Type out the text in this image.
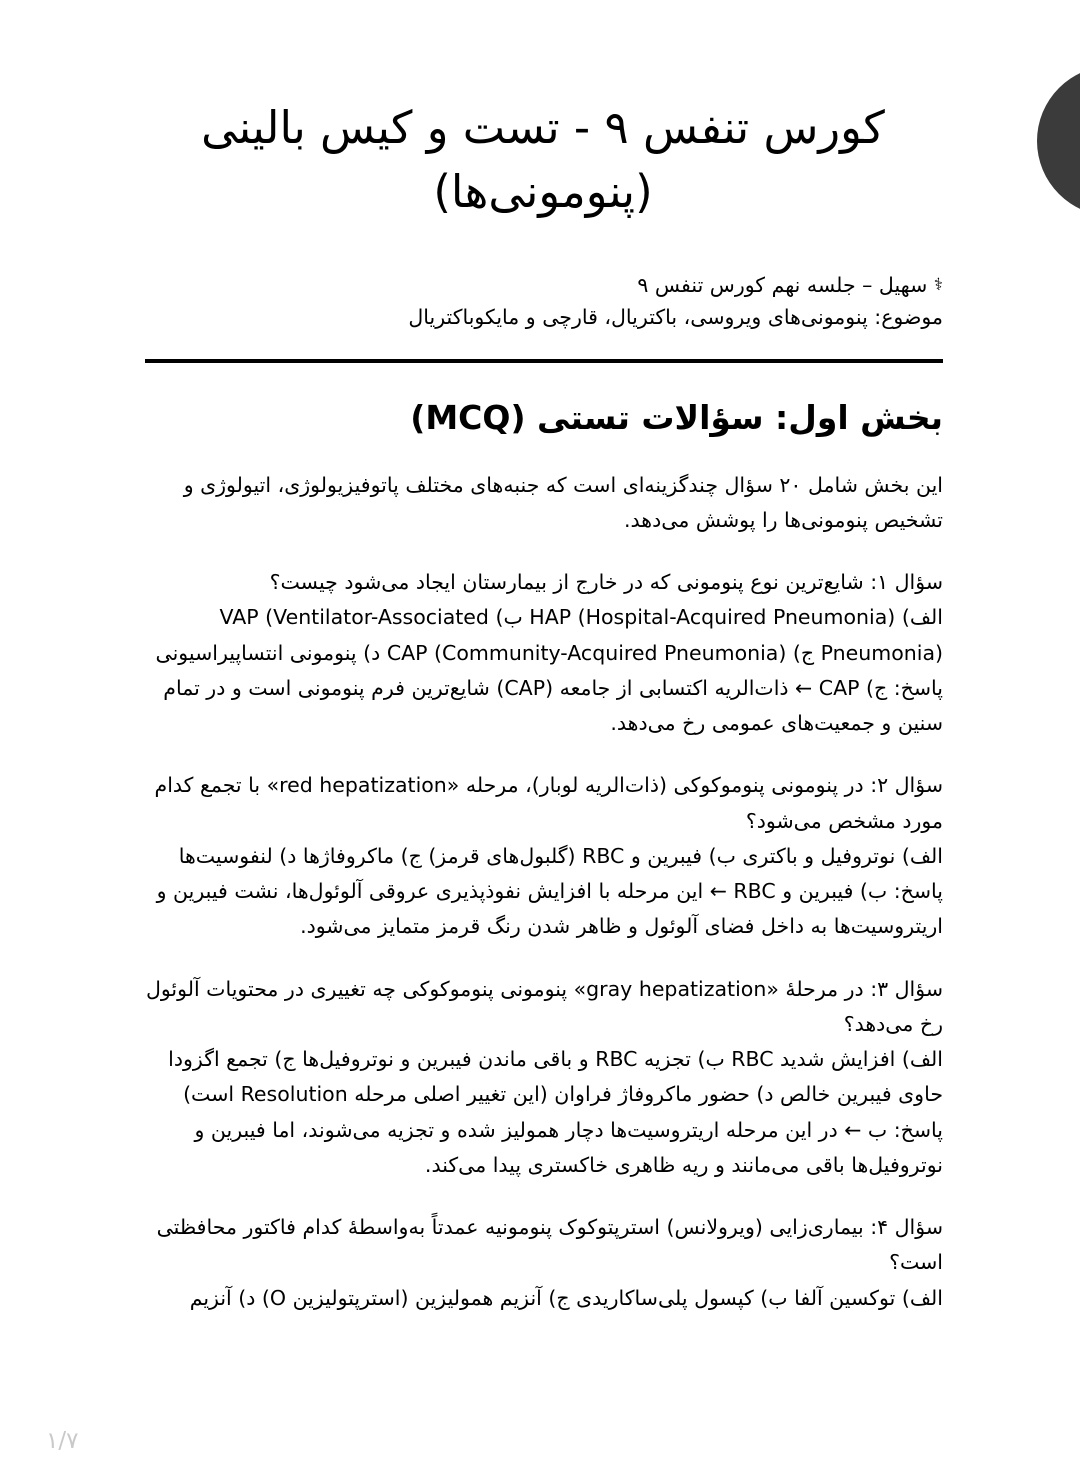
کورس تنفس ۹ - تست و کیس بالینی (پنومونی‌ها)
⚕ سهیل – جلسه نهم کورس تنفس ۹
موضوع: پنومونی‌های ویروسی، باکتریال، قارچی و مایکوباکتریال
بخش اول: سؤالات تستی (MCQ)

این بخش شامل ۲۰ سؤال چندگزینه‌ای است که جنبه‌های مختلف پاتوفیزیولوژی، اتیولوژی و تشخیص پنومونی‌ها را پوشش می‌دهد.

سؤال ۱: شایع‌ترین نوع پنومونی که در خارج از بیمارستان ایجاد می‌شود چیست؟
الف) HAP (Hospital-Acquired Pneumonia) ب) VAP (Ventilator-Associated Pneumonia) ج) CAP (Community-Acquired Pneumonia) د) پنومونی انتساپیراسیونی
پاسخ: ج) CAP ← ذات‌الریه اکتسابی از جامعه (CAP) شایع‌ترین فرم پنومونی است و در تمام سنین و جمعیت‌های عمومی رخ می‌دهد.
سؤال ۲: در پنومونی پنوموکوکی (ذات‌الریه لوبار)، مرحله «red hepatization» با تجمع کدام مورد مشخص می‌شود؟
الف) نوتروفیل و باکتری ب) فیبرین و RBC (گلبول‌های قرمز) ج) ماکروفاژها د) لنفوسیت‌ها
پاسخ: ب) فیبرین و RBC ← این مرحله با افزایش نفوذپذیری عروقی آلوئول‌ها، نشت فیبرین و اریتروسیت‌ها به داخل فضای آلوئول و ظاهر شدن رنگ قرمز متمایز می‌شود.
سؤال ۳: در مرحلهٔ «gray hepatization» پنومونی پنوموکوکی چه تغییری در محتویات آلوئول رخ می‌دهد؟
الف) افزایش شدید RBC ب) تجزیه RBC و باقی ماندن فیبرین و نوتروفیل‌ها ج) تجمع اگزودا حاوی فیبرین خالص د) حضور ماکروفاژ فراوان (این تغییر اصلی مرحله Resolution است)
پاسخ: ب ← در این مرحله اریتروسیت‌ها دچار همولیز شده و تجزیه می‌شوند، اما فیبرین و نوتروفیل‌ها باقی می‌مانند و ریه ظاهری خاکستری پیدا می‌کند.
سؤال ۴: بیماری‌زایی (ویرولانس) استرپتوکوک پنومونیه عمدتاً به‌واسطهٔ کدام فاکتور محافظتی است؟
الف) توکسین آلفا ب) کپسول پلی‌ساکاریدی ج) آنزیم همولیزین (استرپتولیزین O) د) آنزیم
۱/۷
